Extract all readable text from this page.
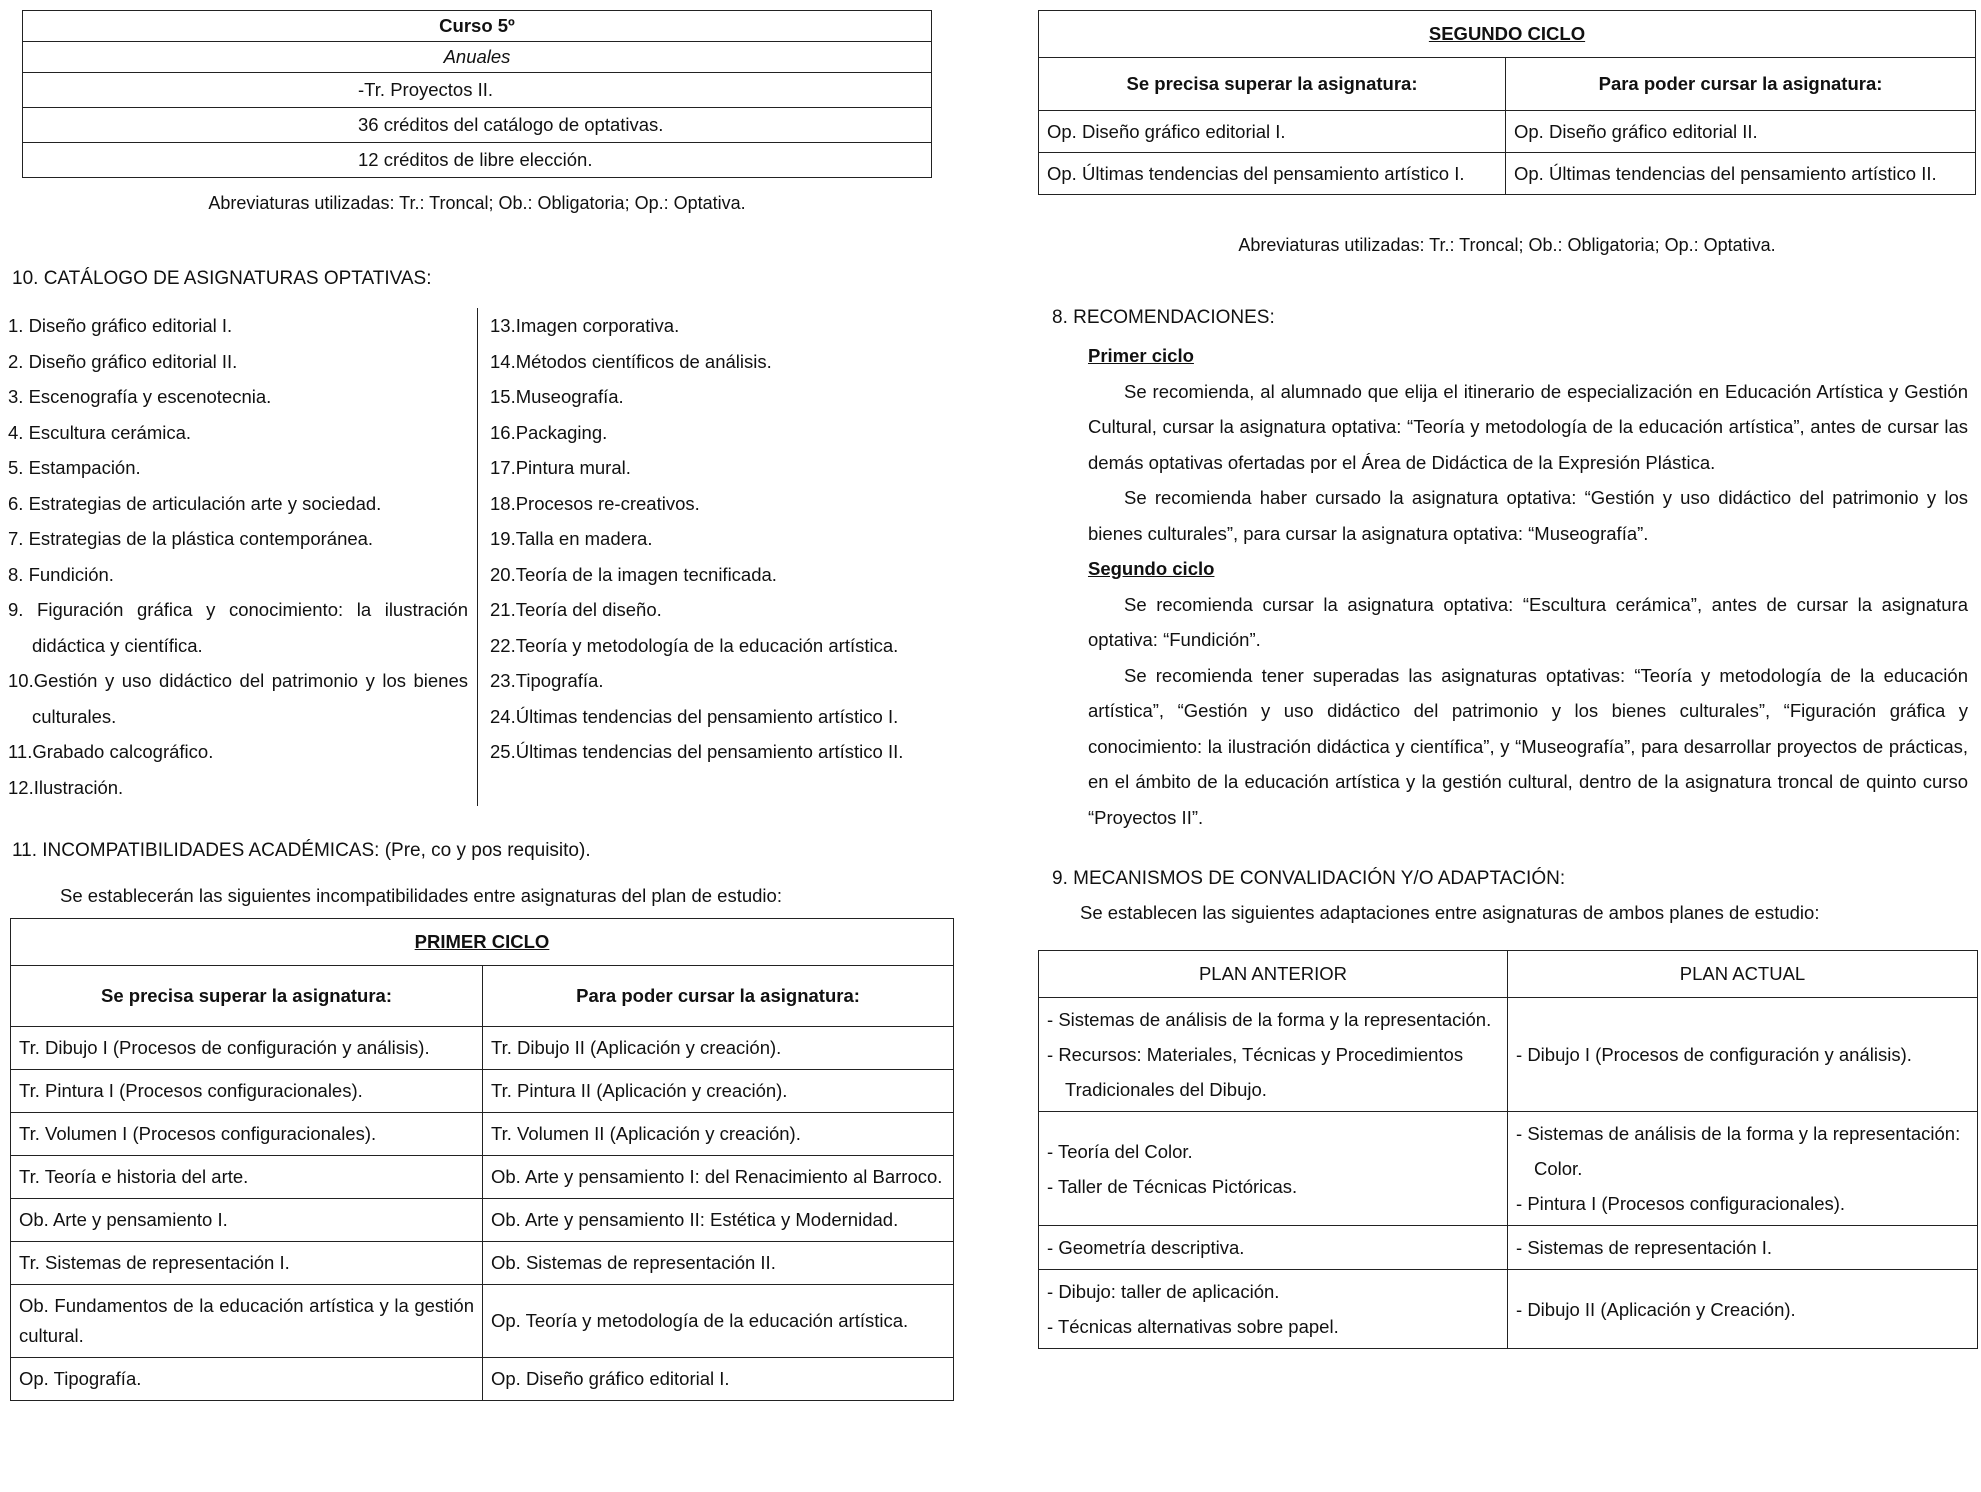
Curso 5º
Anuales
-Tr. Proyectos II.
36 créditos del catálogo de optativas.
12 créditos de libre elección.
Abreviaturas utilizadas: Tr.: Troncal; Ob.: Obligatoria; Op.: Optativa.
10. CATÁLOGO DE ASIGNATURAS OPTATIVAS:
1. Diseño gráfico editorial I.
2. Diseño gráfico editorial II.
3. Escenografía y escenotecnia.
4. Escultura cerámica.
5. Estampación.
6. Estrategias de articulación arte y sociedad.
7. Estrategias de la plástica contemporánea.
8. Fundición.
9. Figuración gráfica y conocimiento: la ilustración didáctica y científica.
10.Gestión y uso didáctico del patrimonio y los bienes culturales.
11.Grabado calcográfico.
12.Ilustración.
13.Imagen corporativa.
14.Métodos científicos de análisis.
15.Museografía.
16.Packaging.
17.Pintura mural.
18.Procesos re-creativos.
19.Talla en madera.
20.Teoría de la imagen tecnificada.
21.Teoría del diseño.
22.Teoría y metodología de la educación artística.
23.Tipografía.
24.Últimas tendencias del pensamiento artístico I.
25.Últimas tendencias del pensamiento artístico II.
11. INCOMPATIBILIDADES ACADÉMICAS: (Pre, co y pos requisito).
Se establecerán las siguientes incompatibilidades entre asignaturas del plan de estudio:
PRIMER CICLO	
Se precisa superar la asignatura:	Para poder cursar la asignatura:
Tr. Dibujo I (Procesos de configuración y análisis).	Tr. Dibujo II (Aplicación y creación).
Tr. Pintura I (Procesos configuracionales).	Tr. Pintura II (Aplicación y creación).
Tr. Volumen I (Procesos configuracionales).	Tr. Volumen II (Aplicación y creación).
Tr. Teoría e historia del arte.	Ob. Arte y pensamiento I: del Renacimiento al Barroco.
Ob. Arte y pensamiento I.	Ob. Arte y pensamiento II: Estética y Modernidad.
Tr. Sistemas de representación I.	Ob. Sistemas de representación II.
Ob. Fundamentos de la educación artística y la gestión cultural.	Op. Teoría y metodología de la educación artística.
Op. Tipografía.	Op. Diseño gráfico editorial I.
SEGUNDO CICLO	
Se precisa superar la asignatura:	Para poder cursar la asignatura:
Op. Diseño gráfico editorial I.	Op. Diseño gráfico editorial II.
Op. Últimas tendencias del pensamiento artístico I.	Op. Últimas tendencias del pensamiento artístico II.
Abreviaturas utilizadas: Tr.: Troncal; Ob.: Obligatoria; Op.: Optativa.
8. RECOMENDACIONES:
Primer ciclo

Se recomienda, al alumnado que elija el itinerario de especialización en Educación Artística y Gestión Cultural, cursar la asignatura optativa: “Teoría y metodología de la educación artística”, antes de cursar las demás optativas ofertadas por el Área de Didáctica de la Expresión Plástica.

Se recomienda haber cursado la asignatura optativa: “Gestión y uso didáctico del patrimonio y los bienes culturales”, para cursar la asignatura optativa: “Museografía”.

Segundo ciclo

Se recomienda cursar la asignatura optativa: “Escultura cerámica”, antes de cursar la asignatura optativa: “Fundición”.

Se recomienda tener superadas las asignaturas optativas: “Teoría y metodología de la educación artística”, “Gestión y uso didáctico del patrimonio y los bienes culturales”, “Figuración gráfica y conocimiento: la ilustración didáctica y científica”, y “Museografía”, para desarrollar proyectos de prácticas, en el ámbito de la educación artística y la gestión cultural, dentro de la asignatura troncal de quinto curso “Proyectos II”.

9. MECANISMOS DE CONVALIDACIÓN Y/O ADAPTACIÓN:
Se establecen las siguientes adaptaciones entre asignaturas de ambos planes de estudio:
PLAN ANTERIOR	PLAN ACTUAL

- Sistemas de análisis de la forma y la representación.
- Recursos: Materiales, Técnicas y Procedimientos Tradicionales del Dibujo.	- Dibujo I (Procesos de configuración y análisis).

- Teoría del Color.
- Taller de Técnicas Pictóricas.	- Sistemas de análisis de la forma y la representación: Color.
- Pintura I (Procesos configuracionales).

- Geometría descriptiva.	- Sistemas de representación I.

- Dibujo: taller de aplicación.
- Técnicas alternativas sobre papel.	- Dibujo II (Aplicación y Creación).
